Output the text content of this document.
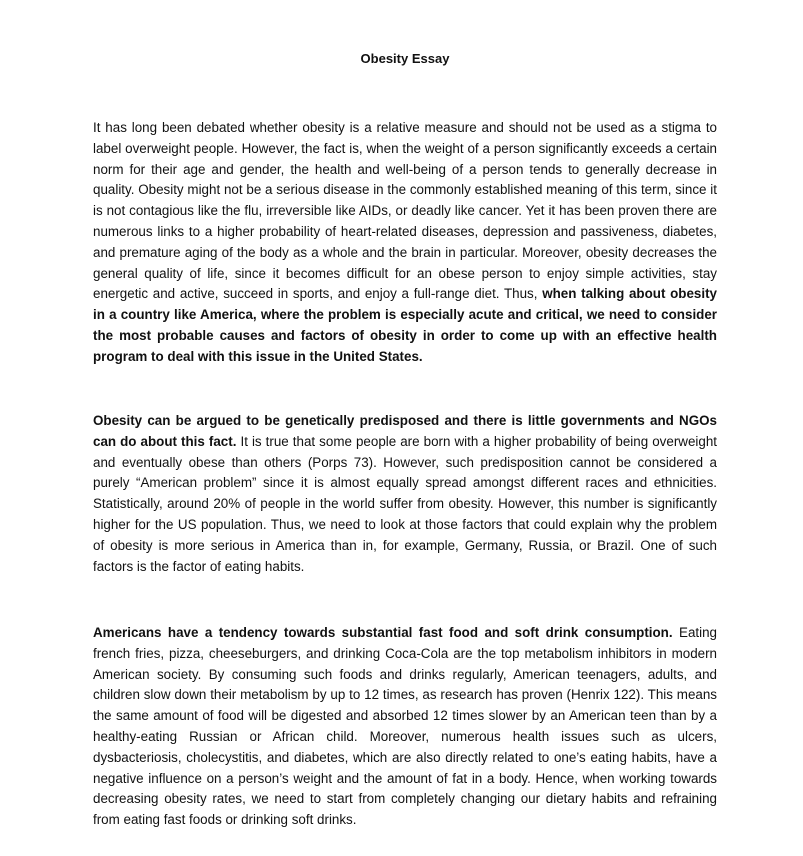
Obesity Essay

It has long been debated whether obesity is a relative measure and should not be used as a stigma to label overweight people. However, the fact is, when the weight of a person significantly exceeds a certain norm for their age and gender, the health and well-being of a person tends to generally decrease in quality. Obesity might not be a serious disease in the commonly established meaning of this term, since it is not contagious like the flu, irreversible like AIDs, or deadly like cancer. Yet it has been proven there are numerous links to a higher probability of heart-related diseases, depression and passiveness, diabetes, and premature aging of the body as a whole and the brain in particular. Moreover, obesity decreases the general quality of life, since it becomes difficult for an obese person to enjoy simple activities, stay energetic and active, succeed in sports, and enjoy a full-range diet. Thus, when talking about obesity in a country like America, where the problem is especially acute and critical, we need to consider the most probable causes and factors of obesity in order to come up with an effective health program to deal with this issue in the United States.

Obesity can be argued to be genetically predisposed and there is little governments and NGOs can do about this fact. It is true that some people are born with a higher probability of being overweight and eventually obese than others (Porps 73). However, such predisposition cannot be considered a purely “American problem” since it is almost equally spread amongst different races and ethnicities. Statistically, around 20% of people in the world suffer from obesity. However, this number is significantly higher for the US population. Thus, we need to look at those factors that could explain why the problem of obesity is more serious in America than in, for example, Germany, Russia, or Brazil. One of such factors is the factor of eating habits.

Americans have a tendency towards substantial fast food and soft drink consumption. Eating french fries, pizza, cheeseburgers, and drinking Coca-Cola are the top metabolism inhibitors in modern American society. By consuming such foods and drinks regularly, American teenagers, adults, and children slow down their metabolism by up to 12 times, as research has proven (Henrix 122). This means the same amount of food will be digested and absorbed 12 times slower by an American teen than by a healthy-eating Russian or African child. Moreover, numerous health issues such as ulcers, dysbacteriosis, cholecystitis, and diabetes, which are also directly related to one’s eating habits, have a negative influence on a person’s weight and the amount of fat in a body. Hence, when working towards decreasing obesity rates, we need to start from completely changing our dietary habits and refraining from eating fast foods or drinking soft drinks.
